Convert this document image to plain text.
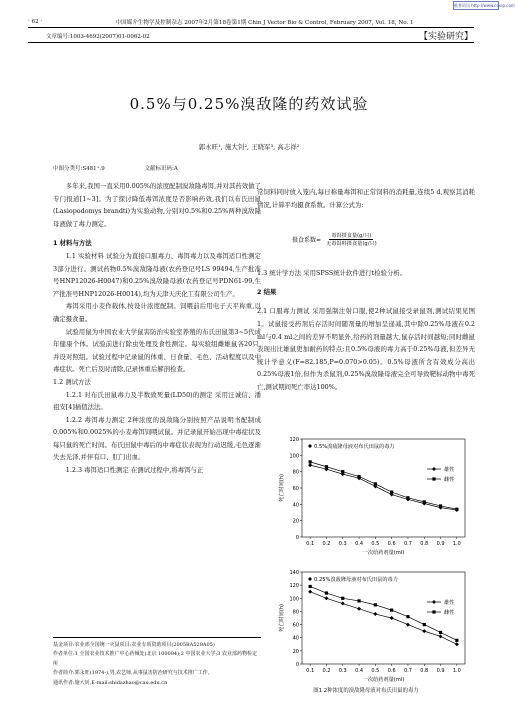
维普资讯 http://www.cqvip.com
· 62 ·	中国媒介生物学及控制杂志 2007年2月第18卷第1期 Chin J Vector Bio & Control, February 2007, Vol. 18, No. 1
文章编号:1003-4692(2007)01-0062-02	【实验研究】
0.5%与0.25%溴敌隆的药效试验
郭永旺¹, 施大钊², 王晓军³, 高志祥²
中图分类号:S481⁺.9	文献标识码:A

多年来,我国一直采用0.005%的浓度配制溴敌隆毒饵,并对其药效做了专门报道[1~3]。为了探讨降低毒饵浓度是否影响药效,我们以布氏田鼠(Lasiopodomys brandti)为实验动物,分别对0.5%和0.25%两种溴敌隆母液做了毒力测定。

1 材料与方法

1.1 实验材料 试验分为直接口服毒力、毒饵毒力以及毒饵适口性测定3部分进行。测试药物0.5%溴敌隆母液(农药登记号LS 99494,生产批准号HNP12026-H0047)和0.25%溴敌隆母液(农药登记号PDN61-99,生产批准号HNP12026-H0014),均为天津天庆化工有限公司生产。

毒饵采用小麦作载体,按设计浓度配制。饲喂前后用电子天平称重,以确定摄食量。

试验用鼠为中国农业大学鼠害防治实验室养殖的布氏田鼠第3~5代成年健康个体。试验前进行除虫处理及食性测定。每实验组雌雄鼠各20只,并设对照组。试验过程中记录鼠的体重、日食量、毛色、活动程度以及中毒症状。死亡后及时清除,记录体重后解剖检查。

1.2 测试方法

1.2.1 对布氏田鼠毒力及半数致死量(LD50)的测定 采用汪诚信、潘祖安[4]插值法法。

1.2.2 毒饵毒力测定 2种浓度的溴敌隆分别按照产品说明书配制成0.005%和0.0025%的小麦毒饵饲喂试鼠。并记录鼠开始出现中毒症状及每只鼠的死亡时间。布氏田鼠中毒后的中毒症状表现为行动迟缓,毛色逐渐失去光泽,并伴有口、肛门出血。

1.2.3 毒饵适口性测定 在测试过程中,将毒饵与正

基金项目:农业部全国统一灭鼠项目;农业专项资助项目(2005BA529A05)

作者单位:1 全国农业技术推广中心药械处(北京 100094);2 中国农业大学;3 农业部药物检定所

作者简介:郭永旺(1974-),男,农艺师,从事鼠害防治研究与技术推广工作。

通讯作者:施大钊,E-mail:shidazhao@cau.edu.cn

常饲料同时放入笼内,每日称量毒饵和正常饲料的消耗量,连续5 d,观察其消耗情况,计算平均摄食系数。计算公式为:

摄食系数= $\frac{\text{毒饵摄食量(g/只)}}{\text{无毒饵料摄食量(g/只)}}$

1.3 统计学方法 采用SPSS统计软件进行t检验分析。

2 结果

2.1 口服毒力测试 采用强制注射口服,使2种试鼠接受录鼠剂,测试结果见图1。试鼠接受药剂后存活时间随剂量的增加呈递减,其中除0.25%母液在0.2 ml与0.4 ml之间的差异不明显外,给药的剂量越大,鼠存活时间越短;同时雌鼠表现出比雄鼠更加耐药的特点;且0.5%母液的毒力高于0.25%母液,但差异无统计学意义(F=82.185,P=0.070>0.05)。0.5%母液所含有效成分高出0.25%母液1倍,但作为杀鼠剂,0.25%溴敌隆母液完全可导致靶标动物中毒死亡,测试期间死亡率达100%。

0
20
40
60
80
100
120
0.1 0.2 0.3 0.4 0.5 0.6 0.7 0.8 0.9 1.0
一次给药剂量(ml)
死亡时间(h)
0.5%溴敌隆母液对布氏田鼠的毒力
雄性
雌性
0
20
40
60
80
100
120
140
0.1 0.2 0.3 0.4 0.5 0.6 0.7 0.8 0.9 1.0
一次给药剂量(ml)
死亡时间(h)
0.25%溴敌隆母液对布氏田鼠的毒力
雄性
雌性
图1 2种浓度的溴敌隆母液对布氏田鼠的毒力
